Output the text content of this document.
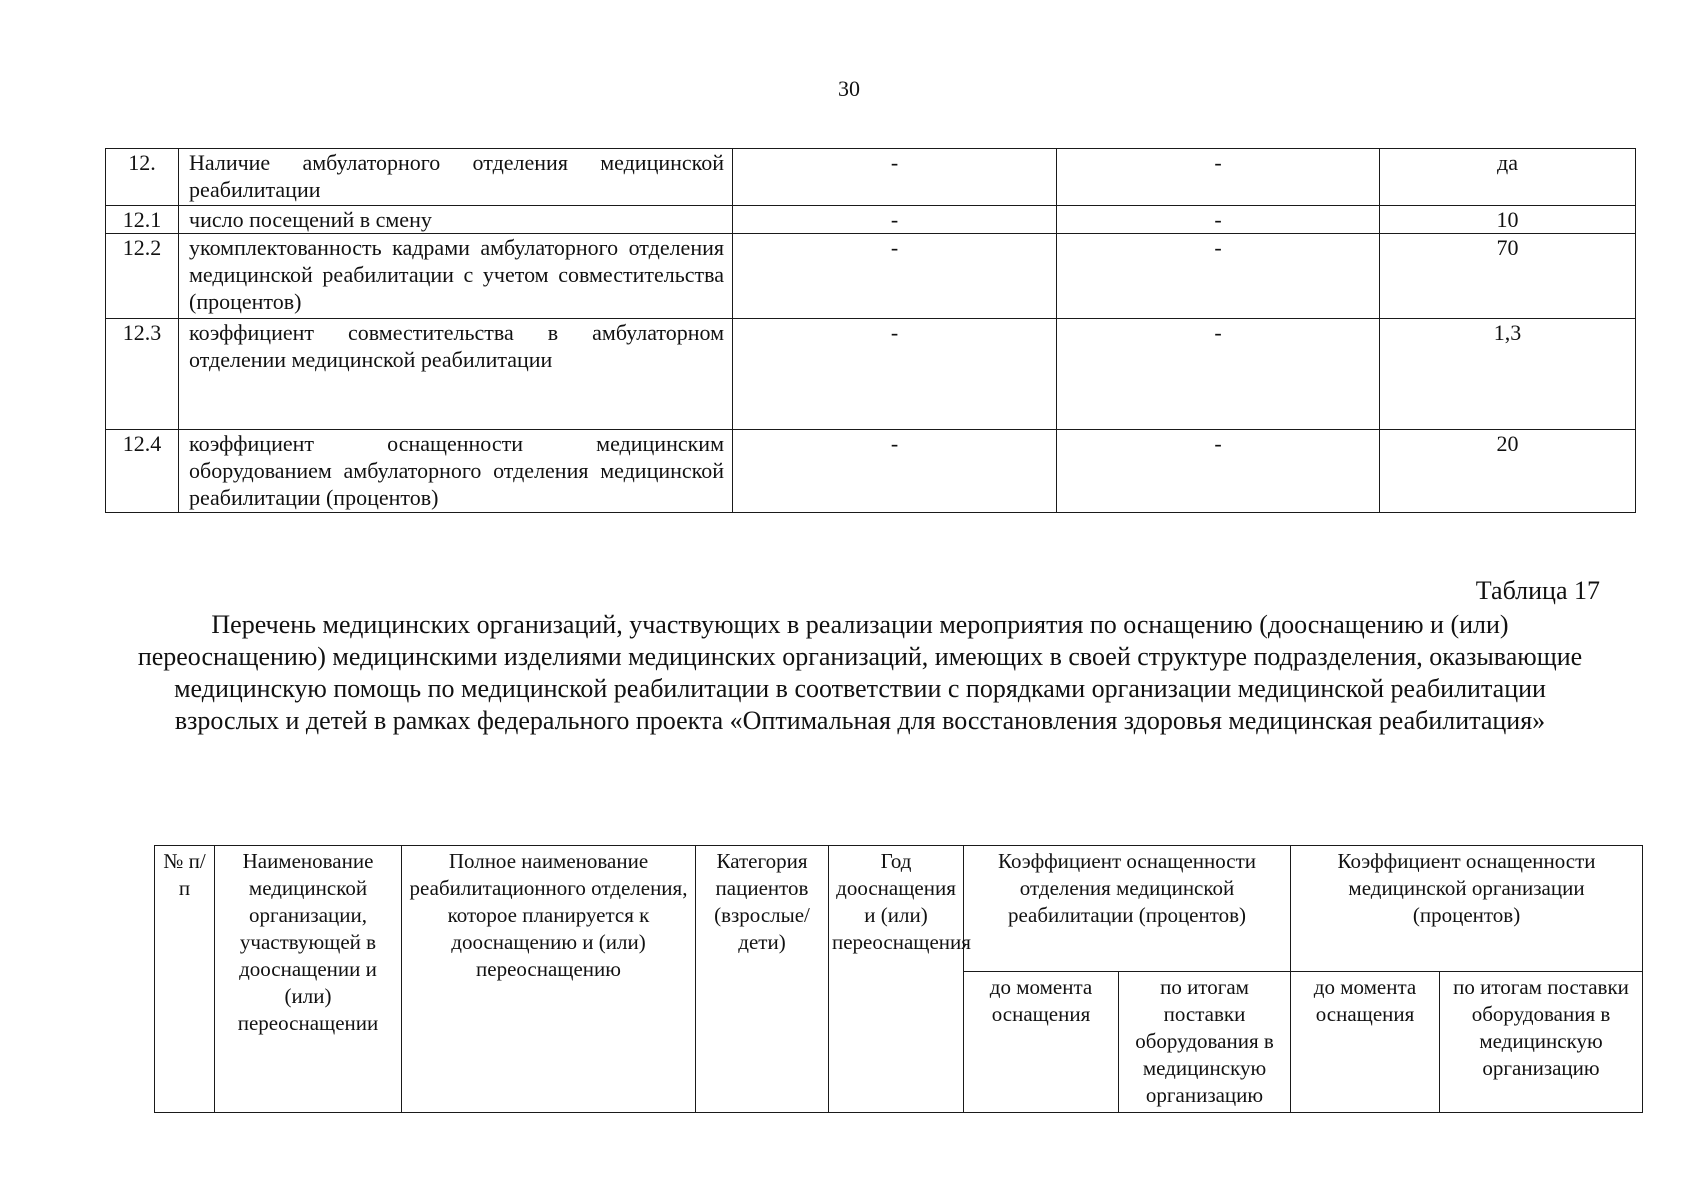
30
12.	Наличие амбулаторного отделения медицинской реабилитации	-	-	да
12.1	число посещений в смену	-	-	10
12.2	укомплектованность кадрами амбулаторного отделения медицинской реабилитации с учетом совместительства (процентов)	-	-	70
12.3	коэффициент совместительства в амбулаторном отделении медицинской реабилитации	-	-	1,3
12.4	коэффициент оснащенности медицинским оборудованием амбулаторного отделения медицинской реабилитации (процентов)	-	-	20
Таблица 17
Перечень медицинских организаций, участвующих в реализации мероприятия по оснащению (дооснащению и (или) переоснащению) медицинскими изделиями медицинских организаций, имеющих в своей структуре подразделения, оказывающие медицинскую помощь по медицинской реабилитации в соответствии с порядками организации медицинской реабилитации взрослых и детей в рамках федерального проекта «Оптимальная для восстановления здоровья медицинская реабилитация»
№ п/п	Наименование медицинской организации, участвующей в дооснащении и (или) переоснащении	Полное наименование реабилитационного отделения, которое планируется к дооснащению и (или) переоснащению	Категория пациентов (взрослые/ дети)	Год дооснащения и (или) переоснащения	Коэффициент оснащенности отделения медицинской реабилитации (процентов)		Коэффициент оснащенности медицинской организации (процентов)	
					до момента оснащения	по итогам поставки оборудования в медицинскую организацию	до момента оснащения	по итогам поставки оборудования в медицинскую организацию
